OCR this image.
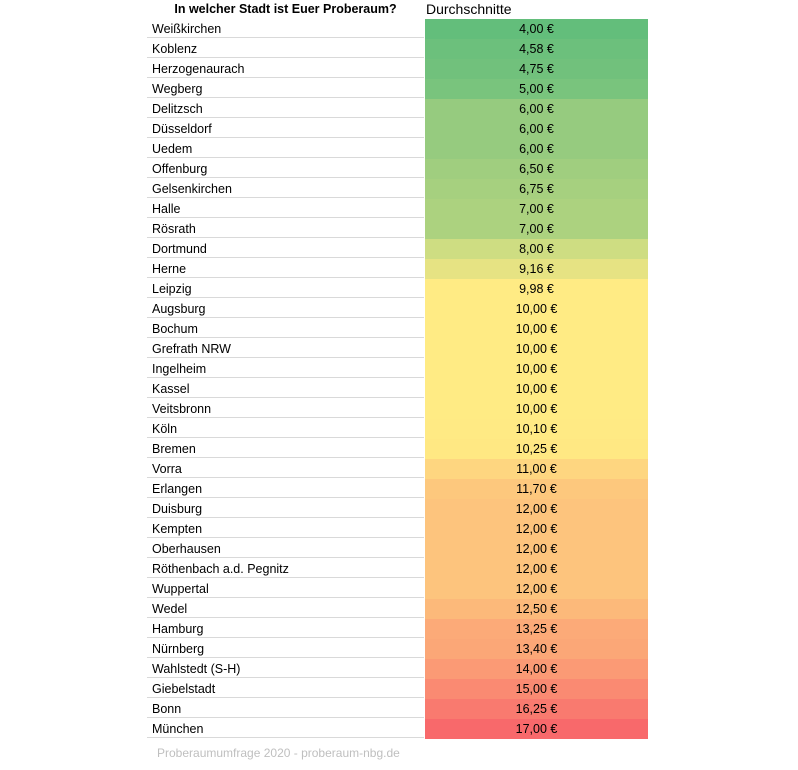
In welcher Stadt ist Euer Proberaum?	Durchschnitte
Weißkirchen	4,00 €
Koblenz	4,58 €
Herzogenaurach	4,75 €
Wegberg	5,00 €
Delitzsch	6,00 €
Düsseldorf	6,00 €
Uedem	6,00 €
Offenburg	6,50 €
Gelsenkirchen	6,75 €
Halle	7,00 €
Rösrath	7,00 €
Dortmund	8,00 €
Herne	9,16 €
Leipzig	9,98 €
Augsburg	10,00 €
Bochum	10,00 €
Grefrath NRW	10,00 €
Ingelheim	10,00 €
Kassel	10,00 €
Veitsbronn	10,00 €
Köln	10,10 €
Bremen	10,25 €
Vorra	11,00 €
Erlangen	11,70 €
Duisburg	12,00 €
Kempten	12,00 €
Oberhausen	12,00 €
Röthenbach a.d. Pegnitz	12,00 €
Wuppertal	12,00 €
Wedel	12,50 €
Hamburg	13,25 €
Nürnberg	13,40 €
Wahlstedt (S-H)	14,00 €
Giebelstadt	15,00 €
Bonn	16,25 €
München	17,00 €
Proberaumumfrage 2020 - proberaum-nbg.de
